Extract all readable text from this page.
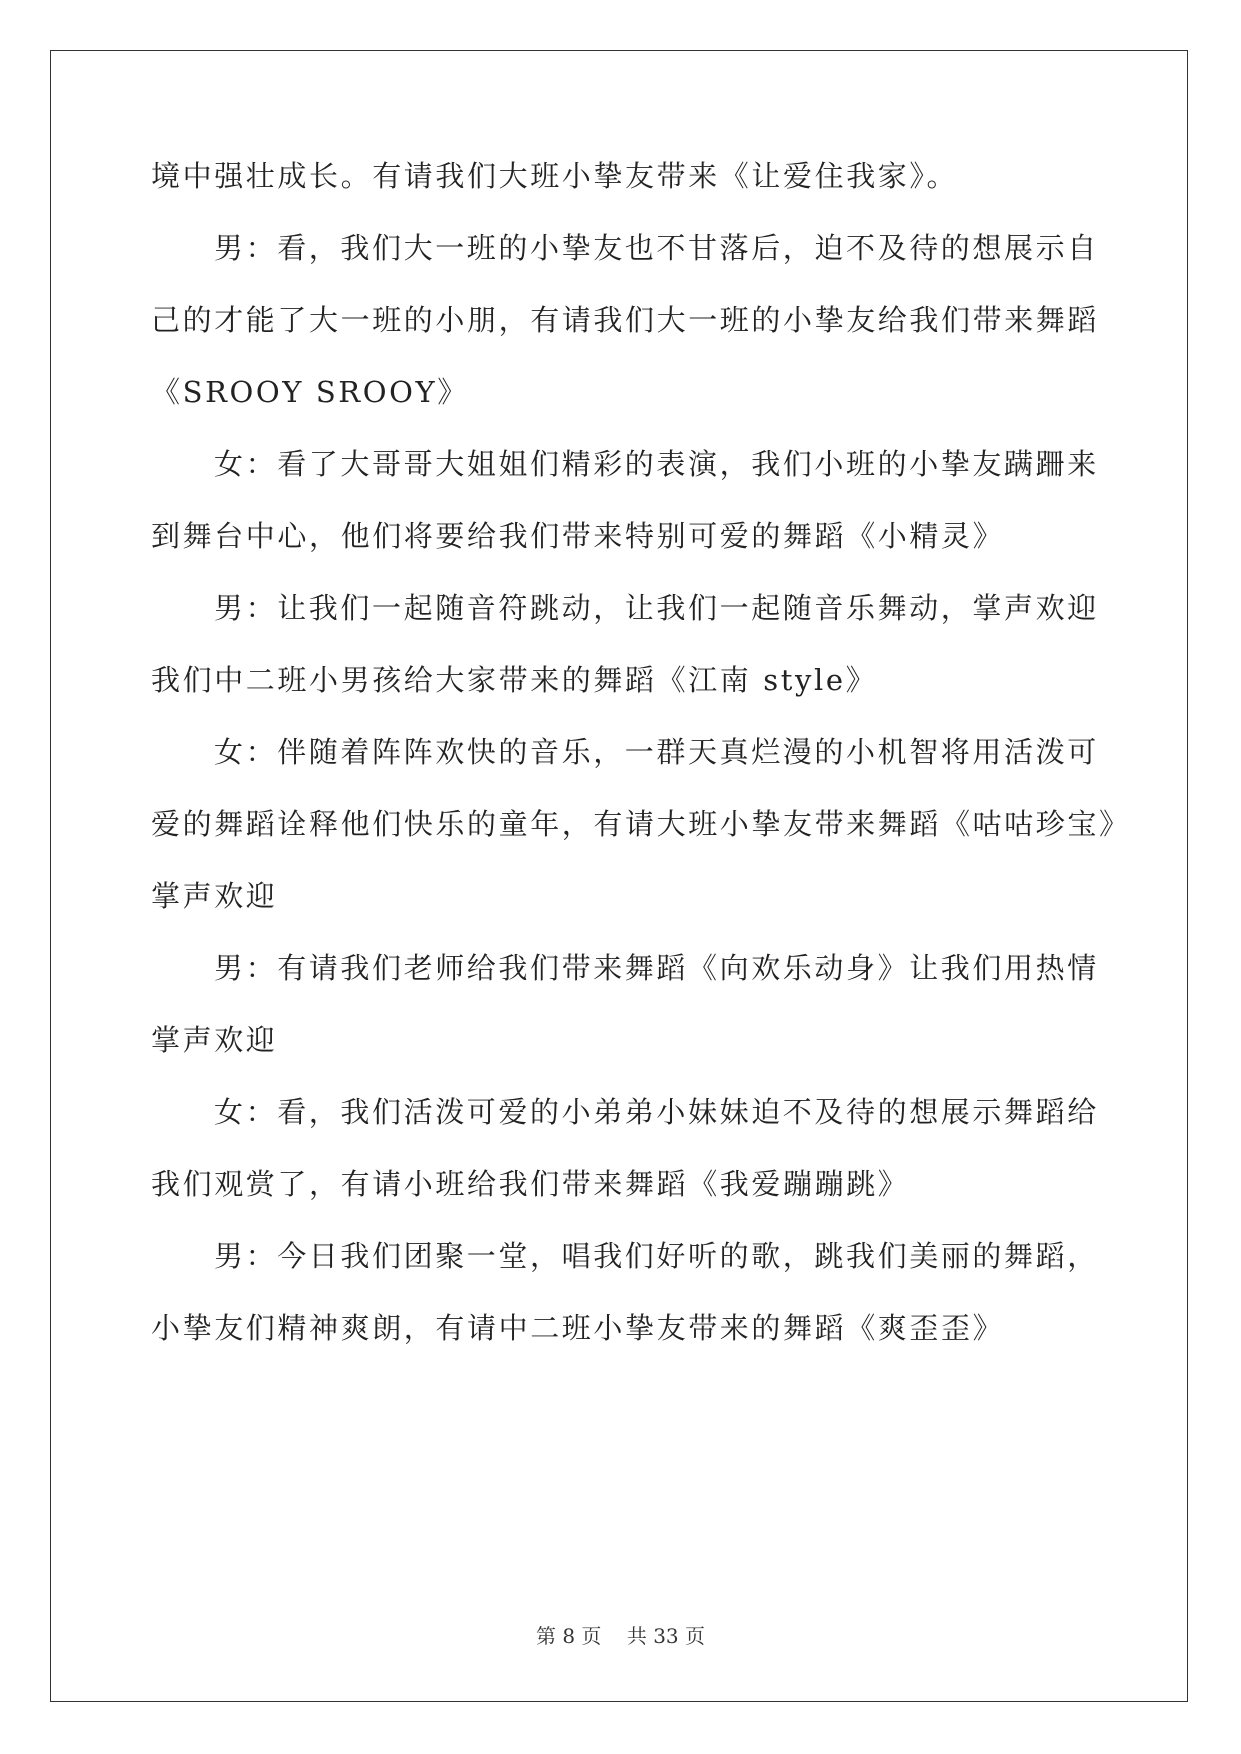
境中强壮成长。有请我们大班小挚友带来《让爱住我家》。
男：看，我们大一班的小挚友也不甘落后，迫不及待的想展示自
己的才能了大一班的小朋，有请我们大一班的小挚友给我们带来舞蹈
《SROOY SROOY》
女：看了大哥哥大姐姐们精彩的表演，我们小班的小挚友蹒跚来
到舞台中心，他们将要给我们带来特别可爱的舞蹈《小精灵》
男：让我们一起随音符跳动，让我们一起随音乐舞动，掌声欢迎
我们中二班小男孩给大家带来的舞蹈《江南 style》
女：伴随着阵阵欢快的音乐，一群天真烂漫的小机智将用活泼可
爱的舞蹈诠释他们快乐的童年，有请大班小挚友带来舞蹈《咕咕珍宝》
掌声欢迎
男：有请我们老师给我们带来舞蹈《向欢乐动身》让我们用热情
掌声欢迎
女：看，我们活泼可爱的小弟弟小妹妹迫不及待的想展示舞蹈给
我们观赏了，有请小班给我们带来舞蹈《我爱蹦蹦跳》
男：今日我们团聚一堂，唱我们好听的歌，跳我们美丽的舞蹈，
小挚友们精神爽朗，有请中二班小挚友带来的舞蹈《爽歪歪》
第 8 页    共 33 页
